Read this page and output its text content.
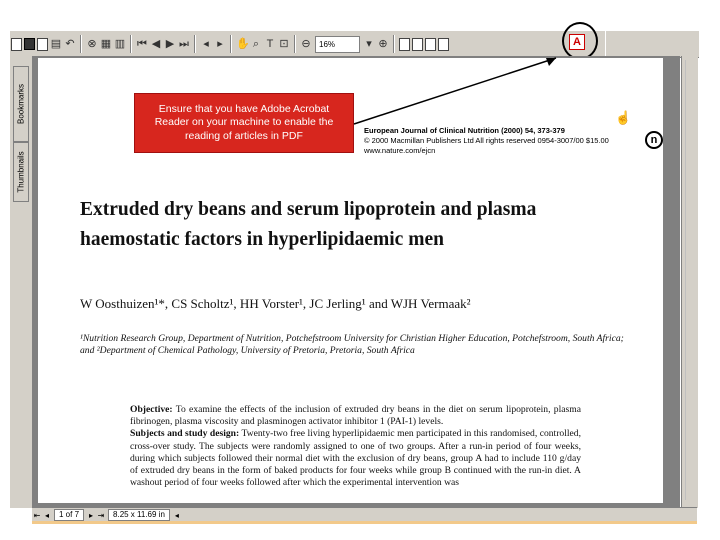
▤ ↶ ⊗ ▦ ▥ ⏮ ◀ ▶ ⏭ ◂ ▸ ✋ ⌕ T ⊡ ⊖	16%	▾ ⊕	A
Bookmarks
Thumbnails
European Journal of Clinical Nutrition (2000) 54, 373-379
© 2000 Macmillan Publishers Ltd All rights reserved 0954-3007/00 $15.00
www.nature.com/ejcn
☝
n
Extruded dry beans and serum lipoprotein and plasma
haemostatic factors in hyperlipidaemic men
W Oosthuizen¹*, CS Scholtz¹, HH Vorster¹, JC Jerling¹ and WJH Vermaak²
¹Nutrition Research Group, Department of Nutrition, Potchefstroom University for Christian Higher Education, Potchefstroom, South Africa; and ²Department of Chemical Pathology, University of Pretoria, Pretoria, South Africa
Objective: To examine the effects of the inclusion of extruded dry beans in the diet on serum lipoprotein, plasma fibrinogen, plasma viscosity and plasminogen activator inhibitor 1 (PAI-1) levels.
Subjects and study design: Twenty-two free living hyperlipidaemic men participated in this randomised, controlled, cross-over study. The subjects were randomly assigned to one of two groups. After a run-in period of four weeks, during which subjects followed their normal diet with the exclusion of dry beans, group A had to include 110 g/day of extruded dry beans in the form of baked products for four weeks while group B continued with the run-in diet. A washout period of four weeks followed after which the experimental intervention was
Ensure that you have Adobe Acrobat Reader on your machine to enable the reading of articles in PDF
⇤ ◂	1 of 7	▸ ⇥	8.25 x 11.69 in	◂
